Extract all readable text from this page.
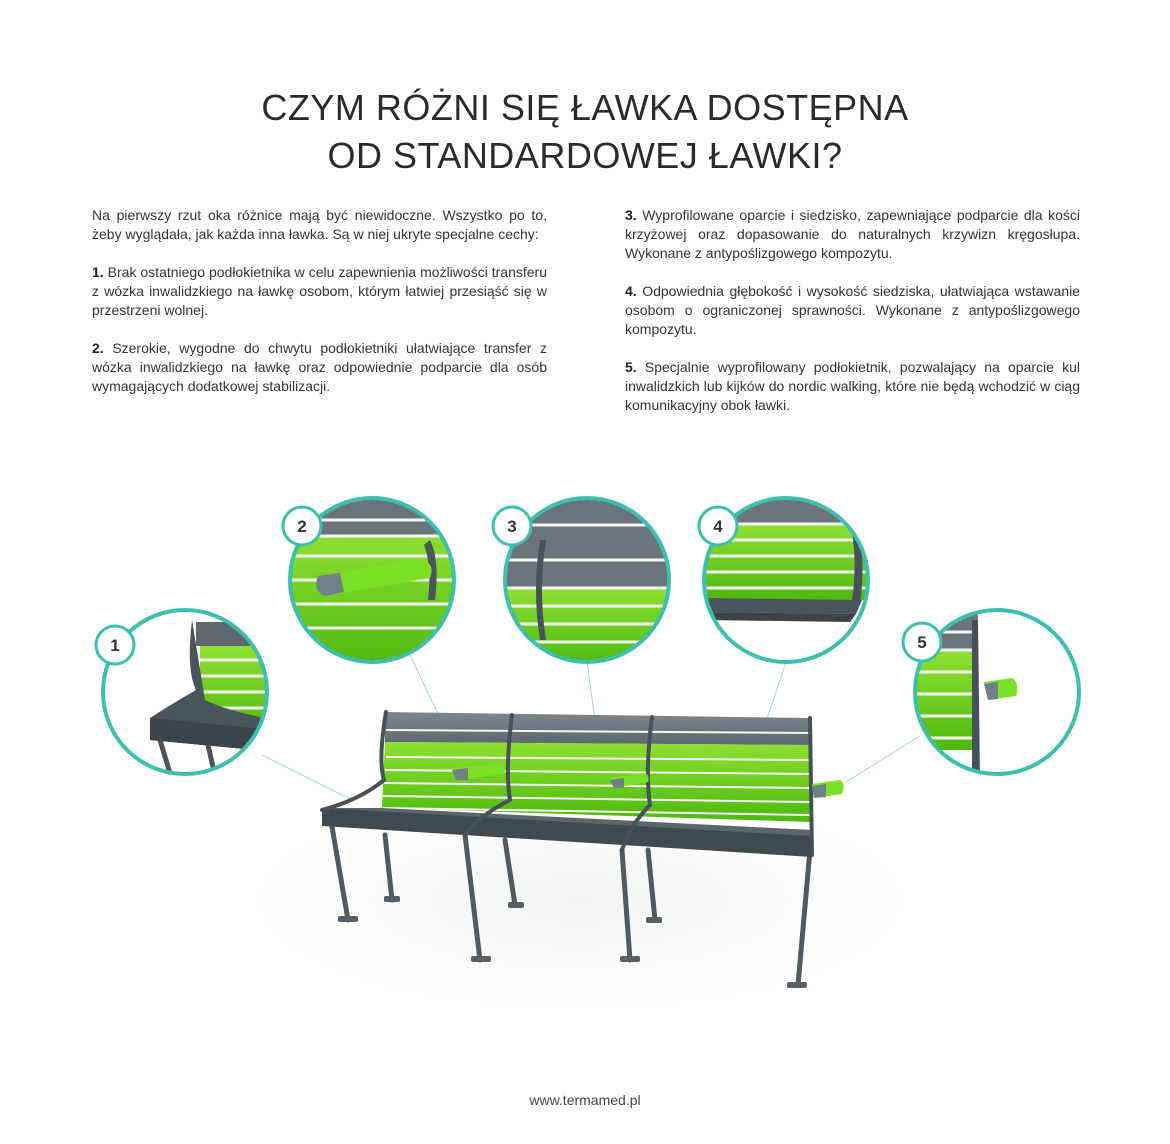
CZYM RÓŻNI SIĘ ŁAWKA DOSTĘPNA
OD STANDARDOWEJ ŁAWKI?

Na pierwszy rzut oka różnice mają być niewidoczne. Wszystko po to, żeby wyglądała, jak każda inna ławka. Są w niej ukryte specjalne cechy:

1. Brak ostatniego podłokietnika w celu zapewnienia możliwości transferu z wózka inwalidzkiego na ławkę osobom, którym łatwiej przesiąść się w przestrzeni wolnej.

2. Szerokie, wygodne do chwytu podłokietniki ułatwiające transfer z wózka inwalidzkiego na ławkę oraz odpowiednie podparcie dla osób wymagających dodatkowej stabilizacji.

3. Wyprofilowane oparcie i siedzisko, zapewniające podparcie dla kości krzyżowej oraz dopasowanie do naturalnych krzywizn kręgosłupa. Wykonane z antypoślizgowego kompozytu.

4. Odpowiednia głębokość i wysokość siedziska, ułatwiająca wstawanie osobom o ograniczonej sprawności. Wykonane z antypoślizgowego kompozytu.

5. Specjalnie wyprofilowany podłokietnik, pozwalający na oparcie kul inwalidzkich lub kijków do nordic walking, które nie będą wchodzić w ciąg komunikacyjny obok ławki.

1
2	3	4
5
www.termamed.pl
